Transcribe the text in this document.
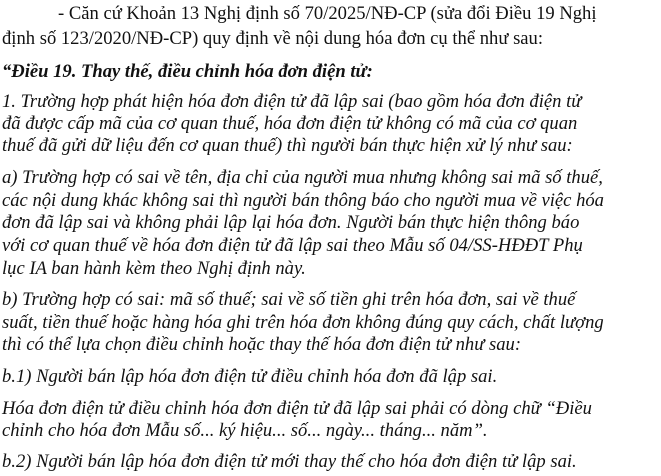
- Căn cứ Khoản 13 Nghị định số 70/2025/NĐ-CP (sửa đổi Điều 19 Nghị
định số 123/2020/NĐ-CP) quy định về nội dung hóa đơn cụ thể như sau:
“Điều 19. Thay thế, điều chỉnh hóa đơn điện tử:
1. Trường hợp phát hiện hóa đơn điện tử đã lập sai (bao gồm hóa đơn điện tử
đã được cấp mã của cơ quan thuế, hóa đơn điện tử không có mã của cơ quan
thuế đã gửi dữ liệu đến cơ quan thuế) thì người bán thực hiện xử lý như sau:
a) Trường hợp có sai về tên, địa chỉ của người mua nhưng không sai mã số thuế,
các nội dung khác không sai thì người bán thông báo cho người mua về việc hóa
đơn đã lập sai và không phải lập lại hóa đơn. Người bán thực hiện thông báo
với cơ quan thuế về hóa đơn điện tử đã lập sai theo Mẫu số 04/SS-HĐĐT Phụ
lục IA ban hành kèm theo Nghị định này.
b) Trường hợp có sai: mã số thuế; sai về số tiền ghi trên hóa đơn, sai về thuế
suất, tiền thuế hoặc hàng hóa ghi trên hóa đơn không đúng quy cách, chất lượng
thì có thể lựa chọn điều chỉnh hoặc thay thế hóa đơn điện tử như sau:
b.1) Người bán lập hóa đơn điện tử điều chỉnh hóa đơn đã lập sai.
Hóa đơn điện tử điều chỉnh hóa đơn điện tử đã lập sai phải có dòng chữ “Điều
chỉnh cho hóa đơn Mẫu số... ký hiệu... số... ngày... tháng... năm”.
b.2) Người bán lập hóa đơn điện tử mới thay thế cho hóa đơn điện tử lập sai.
